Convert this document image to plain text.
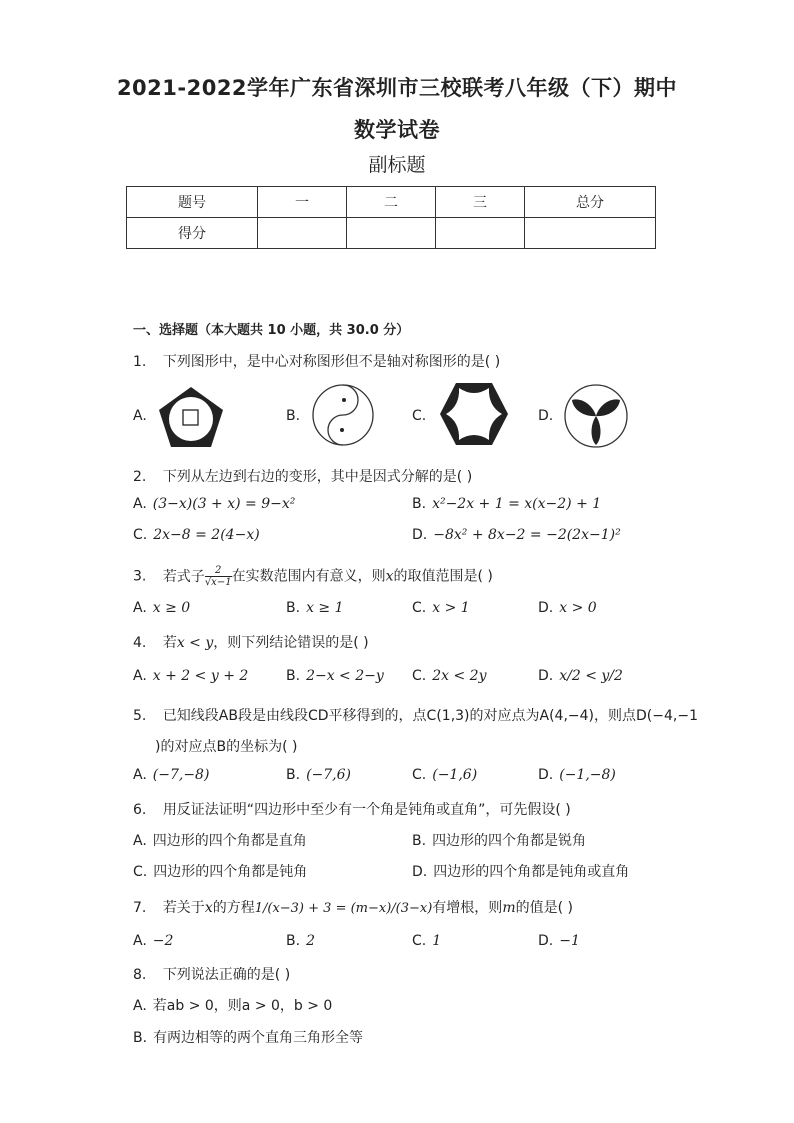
2021-2022学年广东省深圳市三校联考八年级（下）期中
数学试卷
副标题
题号	一	二	三	总分
得分				
一、选择题（本大题共 10 小题，共 30.0 分）
1. 下列图形中，是中心对称图形但不是轴对称图形的是( )
A.	B.	C.	D.
2. 下列从左边到右边的变形，其中是因式分解的是( )
A. (3−x)(3 + x) = 9−x²	B. x²−2x + 1 = x(x−2) + 1
C. 2x−8 = 2(4−x)	D. −8x² + 8x−2 = −2(2x−1)²
3. 若式子 $\frac{2}{√x-1}$ 在实数范围内有意义，则x的取值范围是( )
A. x ≥ 0	B. x ≥ 1	C. x > 1	D. x > 0
4. 若x < y，则下列结论错误的是( )
A. x + 2 < y + 2	B. 2−x < 2−y C. 2x < 2y	D. x/2 < y/2
5. 已知线段AB段是由线段CD平移得到的，点C(1,3)的对应点为A(4,−4)，则点D(−4,−1
)的对应点B的坐标为( )
A. (−7,−8)	B. (−7,6)	C. (−1,6)	D. (−1,−8)
6. 用反证法证明“四边形中至少有一个角是钝角或直角”，可先假设( )
A. 四边形的四个角都是直角	B. 四边形的四个角都是锐角
C. 四边形的四个角都是钝角	D. 四边形的四个角都是钝角或直角
7. 若关于x的方程1/(x−3) + 3 = (m−x)/(3−x)有增根，则m的值是( )
A. −2	B. 2	C. 1	D. −1
8. 下列说法正确的是( )
A. 若ab > 0，则a > 0，b > 0
B. 有两边相等的两个直角三角形全等
